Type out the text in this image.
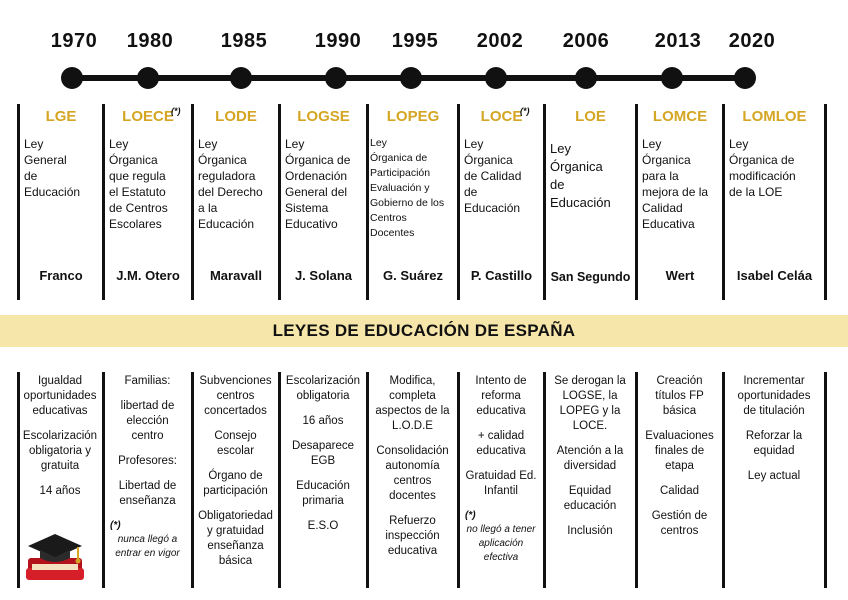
1970 1980 1985 1990 1995 2002 2006 2013 2020
LGE
Ley
General
de
Educación
Franco
LOECE
(*)
Ley
Órganica
que regula
el Estatuto
de Centros
Escolares
J.M. Otero
LODE
Ley
Órganica
reguladora
del Derecho
a la
Educación
Maravall
LOGSE
Ley
Órganica de
Ordenación
General del
Sistema
Educativo
J. Solana
LOPEG
Ley
Órganica de
Participación
Evaluación y
Gobierno de los
Centros
Docentes
G. Suárez
LOCE
(*)
Ley
Órganica
de Calidad
de
Educación
P. Castillo
LOE
Ley
Órganica
de
Educación
San Segundo
LOMCE
Ley
Órganica
para la
mejora de la
Calidad
Educativa
Wert
LOMLOE
Ley
Órganica de
modificación
de la LOE
Isabel Celáa
LEYES DE EDUCACIÓN DE ESPAÑA
Igualdad
oportunidades
educativas
Escolarización
obligatoria y
gratuita
14 años
Familias:
libertad de
elección
centro
Profesores:
Libertad de
enseñanza
(*)
nunca llegó a
entrar en vigor
Subvenciones
centros
concertados
Consejo
escolar
Órgano de
participación
Obligatoriedad
y gratuidad
enseñanza
básica
Escolarización
obligatoria
16 años
Desaparece
EGB
Educación
primaria
E.S.O
Modifica,
completa
aspectos de la
L.O.D.E
Consolidación
autonomía
centros
docentes
Refuerzo
inspección
educativa
Intento de
reforma
educativa
+ calidad
educativa
Gratuidad Ed.
Infantil
(*)
no llegó a tener
aplicación
efectiva
Se derogan la
LOGSE, la
LOPEG y la
LOCE.
Atención a la
diversidad
Equidad
educación
Inclusión
Creación
títulos FP
básica
Evaluaciones
finales de
etapa
Calidad
Gestión de
centros
Incrementar
oportunidades
de titulación
Reforzar la
equidad
Ley actual
